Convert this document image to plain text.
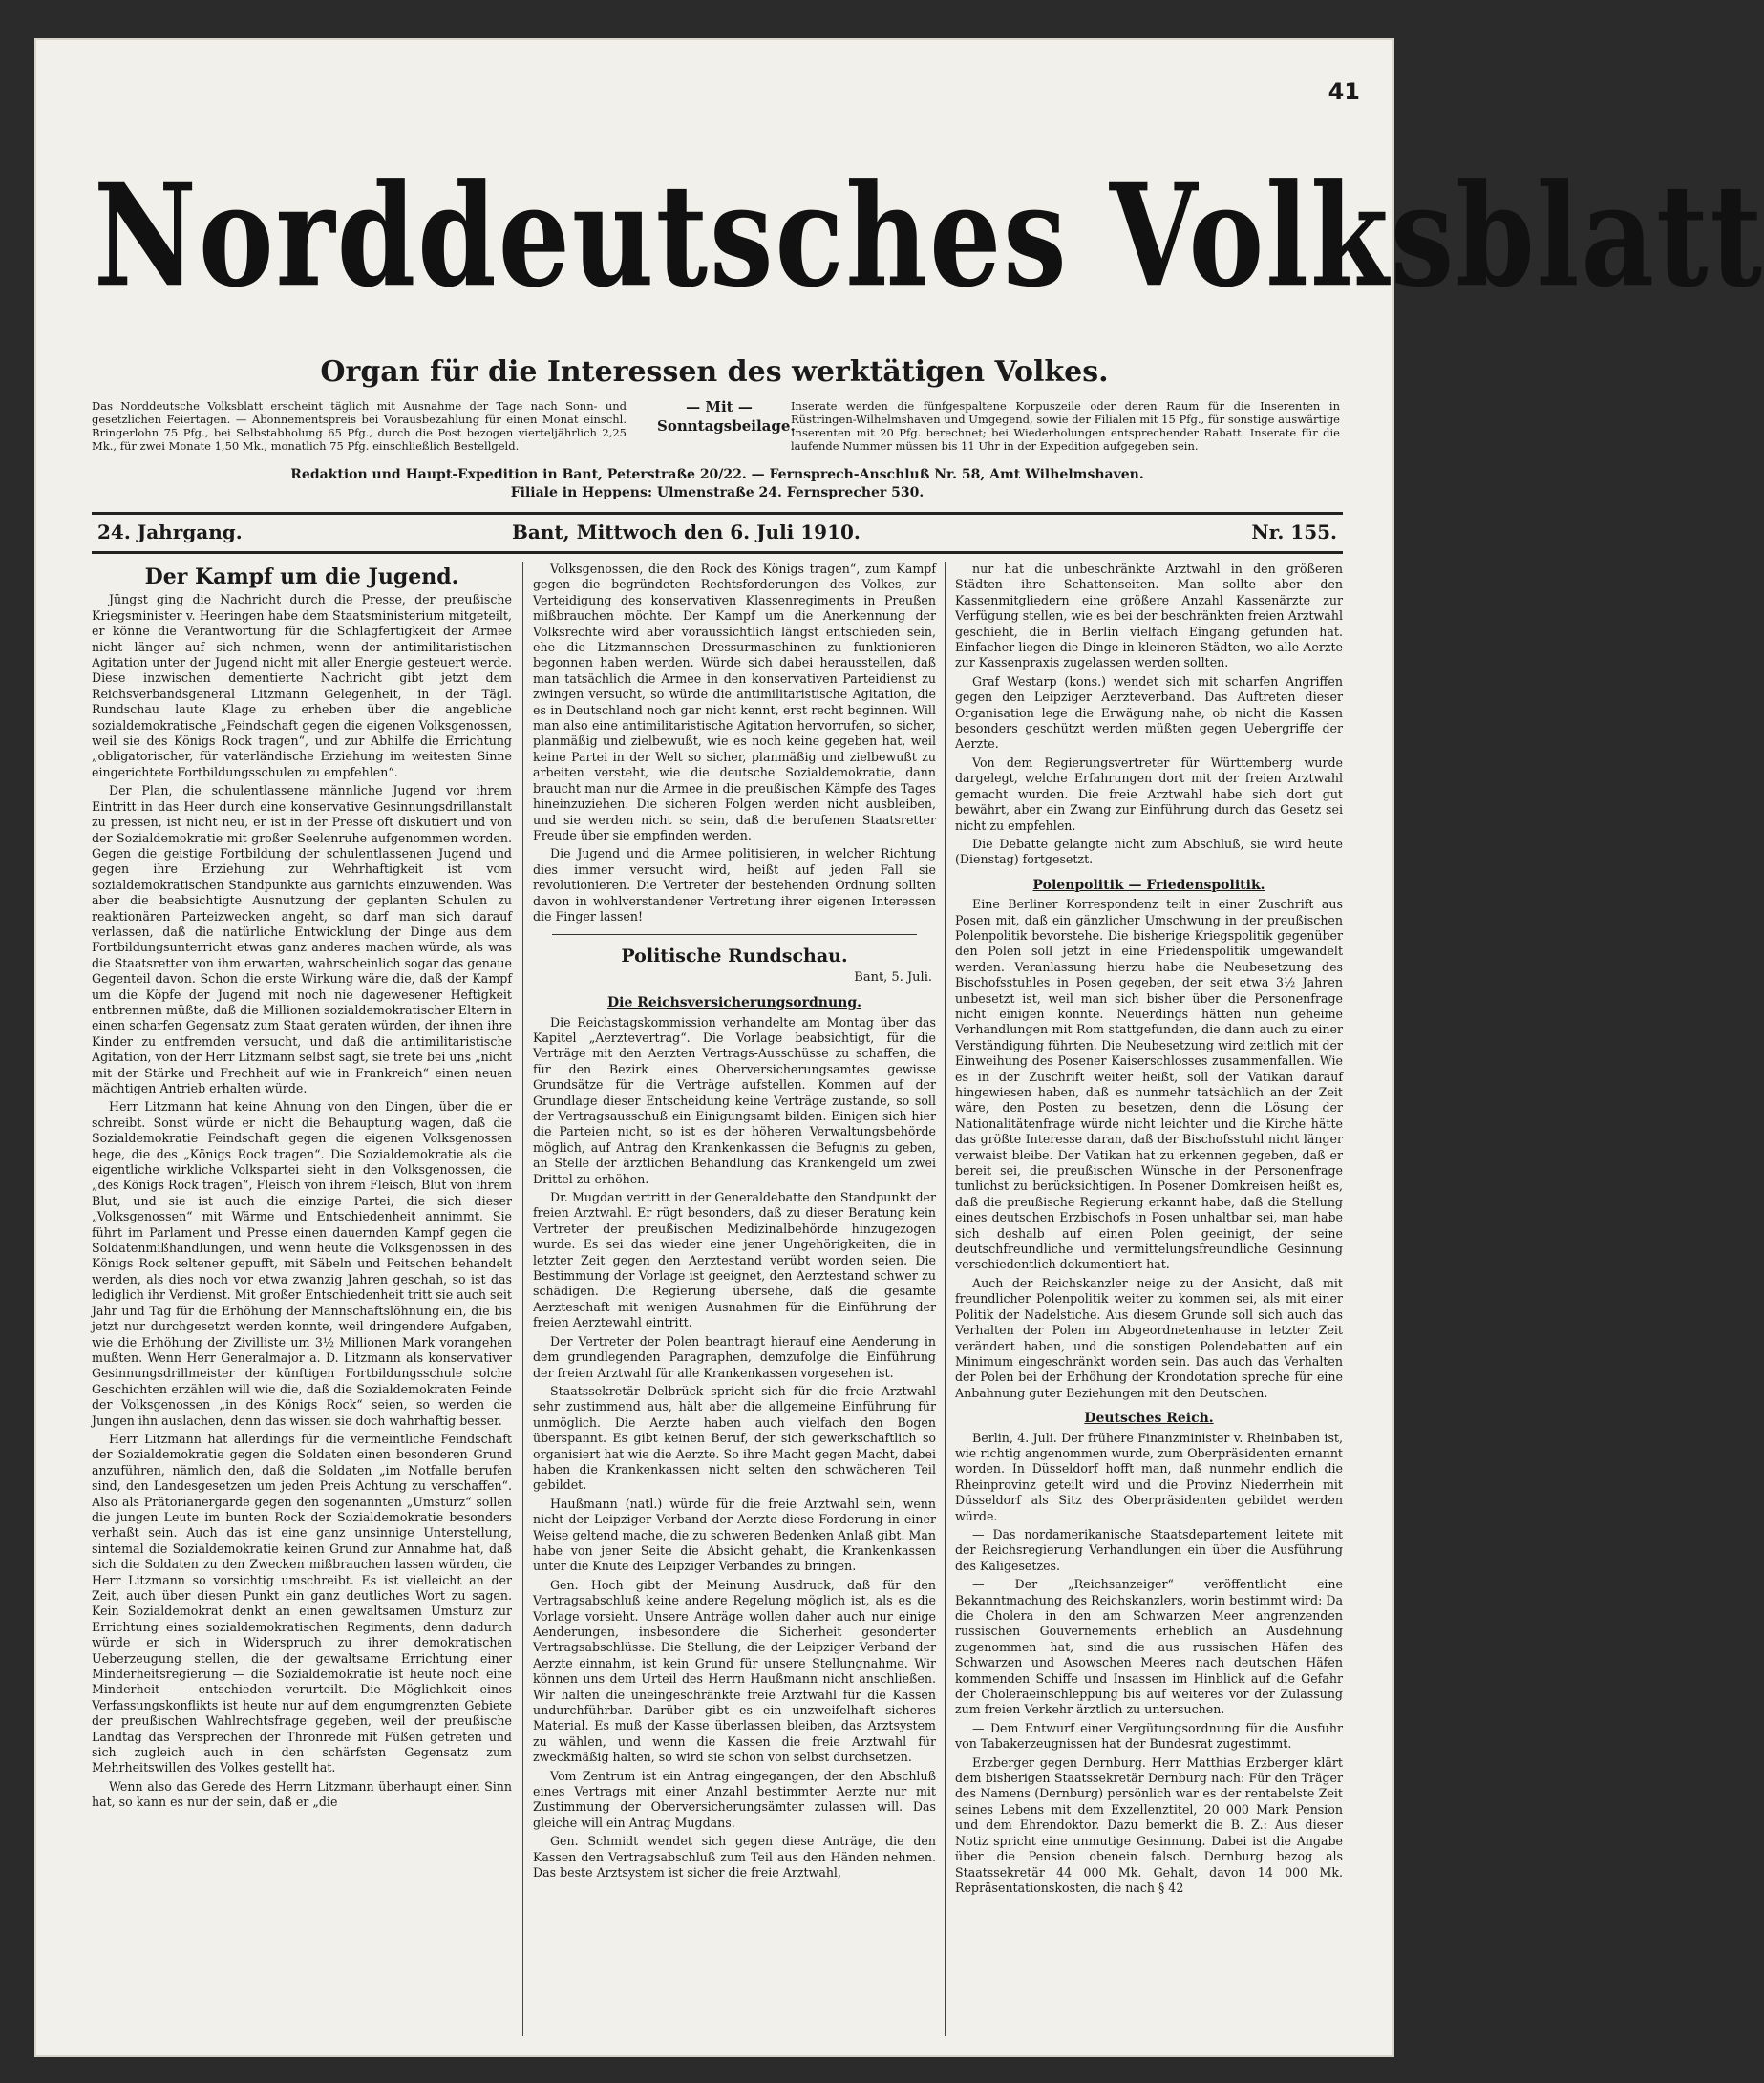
41
Norddeutsches Volksblatt
Organ für die Interessen des werktätigen Volkes.
Das Norddeutsche Volksblatt erscheint täglich mit Ausnahme der Tage nach Sonn- und gesetzlichen Feiertagen. — Abonnementspreis bei Vorausbezahlung für einen Monat einschl. Bringerlohn 75 Pfg., bei Selbstabholung 65 Pfg., durch die Post bezogen vierteljährlich 2,25 Mk., für zwei Monate 1,50 Mk., monatlich 75 Pfg. einschließlich Bestellgeld.
— Mit —
Sonntagsbeilage.
Inserate werden die fünfgespaltene Korpuszeile oder deren Raum für die Inserenten in Rüstringen-Wilhelmshaven und Umgegend, sowie der Filialen mit 15 Pfg., für sonstige auswärtige Inserenten mit 20 Pfg. berechnet; bei Wiederholungen entsprechender Rabatt. Inserate für die laufende Nummer müssen bis 11 Uhr in der Expedition aufgegeben sein.
Redaktion und Haupt-Expedition in Bant, Peterstraße 20/22. — Fernsprech-Anschluß Nr. 58, Amt Wilhelmshaven.
Filiale in Heppens: Ulmenstraße 24. Fernsprecher 530.
24. Jahrgang.	Bant, Mittwoch den 6. Juli 1910.	Nr. 155.
Der Kampf um die Jugend.

Jüngst ging die Nachricht durch die Presse, der preußische Kriegsminister v. Heeringen habe dem Staatsministerium mitgeteilt, er könne die Verantwortung für die Schlagfertigkeit der Armee nicht länger auf sich nehmen, wenn der antimilitaristischen Agitation unter der Jugend nicht mit aller Energie gesteuert werde. Diese inzwischen dementierte Nachricht gibt jetzt dem Reichsverbandsgeneral Litzmann Gelegenheit, in der Tägl. Rundschau laute Klage zu erheben über die angebliche sozialdemokratische „Feindschaft gegen die eigenen Volksgenossen, weil sie des Königs Rock tragen“, und zur Abhilfe die Errichtung „obligatorischer, für vaterländische Erziehung im weitesten Sinne eingerichtete Fortbildungsschulen zu empfehlen“.

Der Plan, die schulentlassene männliche Jugend vor ihrem Eintritt in das Heer durch eine konservative Gesinnungsdrillanstalt zu pressen, ist nicht neu, er ist in der Presse oft diskutiert und von der Sozialdemokratie mit großer Seelenruhe aufgenommen worden. Gegen die geistige Fortbildung der schulentlassenen Jugend und gegen ihre Erziehung zur Wehrhaftigkeit ist vom sozialdemokratischen Standpunkte aus garnichts einzuwenden. Was aber die beabsichtigte Ausnutzung der geplanten Schulen zu reaktionären Parteizwecken angeht, so darf man sich darauf verlassen, daß die natürliche Entwicklung der Dinge aus dem Fortbildungsunterricht etwas ganz anderes machen würde, als was die Staatsretter von ihm erwarten, wahrscheinlich sogar das genaue Gegenteil davon. Schon die erste Wirkung wäre die, daß der Kampf um die Köpfe der Jugend mit noch nie dagewesener Heftigkeit entbrennen müßte, daß die Millionen sozialdemokratischer Eltern in einen scharfen Gegensatz zum Staat geraten würden, der ihnen ihre Kinder zu entfremden versucht, und daß die antimilitaristische Agitation, von der Herr Litzmann selbst sagt, sie trete bei uns „nicht mit der Stärke und Frechheit auf wie in Frankreich“ einen neuen mächtigen Antrieb erhalten würde.

Herr Litzmann hat keine Ahnung von den Dingen, über die er schreibt. Sonst würde er nicht die Behauptung wagen, daß die Sozialdemokratie Feindschaft gegen die eigenen Volksgenossen hege, die des „Königs Rock tragen“. Die Sozialdemokratie als die eigentliche wirkliche Volkspartei sieht in den Volksgenossen, die „des Königs Rock tragen“, Fleisch von ihrem Fleisch, Blut von ihrem Blut, und sie ist auch die einzige Partei, die sich dieser „Volksgenossen“ mit Wärme und Entschiedenheit annimmt. Sie führt im Parlament und Presse einen dauernden Kampf gegen die Soldatenmißhandlungen, und wenn heute die Volksgenossen in des Königs Rock seltener gepufft, mit Säbeln und Peitschen behandelt werden, als dies noch vor etwa zwanzig Jahren geschah, so ist das lediglich ihr Verdienst. Mit großer Entschiedenheit tritt sie auch seit Jahr und Tag für die Erhöhung der Mannschaftslöhnung ein, die bis jetzt nur durchgesetzt werden konnte, weil dringendere Aufgaben, wie die Erhöhung der Zivilliste um 3½ Millionen Mark vorangehen mußten. Wenn Herr Generalmajor a. D. Litzmann als konservativer Gesinnungsdrillmeister der künftigen Fortbildungsschule solche Geschichten erzählen will wie die, daß die Sozialdemokraten Feinde der Volksgenossen „in des Königs Rock“ seien, so werden die Jungen ihn auslachen, denn das wissen sie doch wahrhaftig besser.

Herr Litzmann hat allerdings für die vermeintliche Feindschaft der Sozialdemokratie gegen die Soldaten einen besonderen Grund anzuführen, nämlich den, daß die Soldaten „im Notfalle berufen sind, den Landesgesetzen um jeden Preis Achtung zu verschaffen“. Also als Prätorianergarde gegen den sogenannten „Umsturz“ sollen die jungen Leute im bunten Rock der Sozialdemokratie besonders verhaßt sein. Auch das ist eine ganz unsinnige Unterstellung, sintemal die Sozialdemokratie keinen Grund zur Annahme hat, daß sich die Soldaten zu den Zwecken mißbrauchen lassen würden, die Herr Litzmann so vorsichtig umschreibt. Es ist vielleicht an der Zeit, auch über diesen Punkt ein ganz deutliches Wort zu sagen. Kein Sozialdemokrat denkt an einen gewaltsamen Umsturz zur Errichtung eines sozialdemokratischen Regiments, denn dadurch würde er sich in Widerspruch zu ihrer demokratischen Ueberzeugung stellen, die der gewaltsame Errichtung einer Minderheitsregierung — die Sozialdemokratie ist heute noch eine Minderheit — entschieden verurteilt. Die Möglichkeit eines Verfassungskonflikts ist heute nur auf dem engumgrenzten Gebiete der preußischen Wahlrechtsfrage gegeben, weil der preußische Landtag das Versprechen der Thronrede mit Füßen getreten und sich zugleich auch in den schärfsten Gegensatz zum Mehrheitswillen des Volkes gestellt hat.

Wenn also das Gerede des Herrn Litzmann überhaupt einen Sinn hat, so kann es nur der sein, daß er „die

Volksgenossen, die den Rock des Königs tragen“, zum Kampf gegen die begründeten Rechtsforderungen des Volkes, zur Verteidigung des konservativen Klassenregiments in Preußen mißbrauchen möchte. Der Kampf um die Anerkennung der Volksrechte wird aber voraussichtlich längst entschieden sein, ehe die Litzmannschen Dressurmaschinen zu funktionieren begonnen haben werden. Würde sich dabei herausstellen, daß man tatsächlich die Armee in den konservativen Parteidienst zu zwingen versucht, so würde die antimilitaristische Agitation, die es in Deutschland noch gar nicht kennt, erst recht beginnen. Will man also eine antimilitaristische Agitation hervorrufen, so sicher, planmäßig und zielbewußt, wie es noch keine gegeben hat, weil keine Partei in der Welt so sicher, planmäßig und zielbewußt zu arbeiten versteht, wie die deutsche Sozialdemokratie, dann braucht man nur die Armee in die preußischen Kämpfe des Tages hineinzuziehen. Die sicheren Folgen werden nicht ausbleiben, und sie werden nicht so sein, daß die berufenen Staatsretter Freude über sie empfinden werden.

Die Jugend und die Armee politisieren, in welcher Richtung dies immer versucht wird, heißt auf jeden Fall sie revolutionieren. Die Vertreter der bestehenden Ordnung sollten davon in wohlverstandener Vertretung ihrer eigenen Interessen die Finger lassen!

Politische Rundschau.
Bant, 5. Juli.
Die Reichsversicherungsordnung.

Die Reichstagskommission verhandelte am Montag über das Kapitel „Aerztevertrag“. Die Vorlage beabsichtigt, für die Verträge mit den Aerzten Vertrags-Ausschüsse zu schaffen, die für den Bezirk eines Oberversicherungsamtes gewisse Grundsätze für die Verträge aufstellen. Kommen auf der Grundlage dieser Entscheidung keine Verträge zustande, so soll der Vertragsausschuß ein Einigungsamt bilden. Einigen sich hier die Parteien nicht, so ist es der höheren Verwaltungsbehörde möglich, auf Antrag den Krankenkassen die Befugnis zu geben, an Stelle der ärztlichen Behandlung das Krankengeld um zwei Drittel zu erhöhen.

Dr. Mugdan vertritt in der Generaldebatte den Standpunkt der freien Arztwahl. Er rügt besonders, daß zu dieser Beratung kein Vertreter der preußischen Medizinalbehörde hinzugezogen wurde. Es sei das wieder eine jener Ungehörigkeiten, die in letzter Zeit gegen den Aerztestand verübt worden seien. Die Bestimmung der Vorlage ist geeignet, den Aerztestand schwer zu schädigen. Die Regierung übersehe, daß die gesamte Aerzteschaft mit wenigen Ausnahmen für die Einführung der freien Aerztewahl eintritt.

Der Vertreter der Polen beantragt hierauf eine Aenderung in dem grundlegenden Paragraphen, demzufolge die Einführung der freien Arztwahl für alle Krankenkassen vorgesehen ist.

Staatssekretär Delbrück spricht sich für die freie Arztwahl sehr zustimmend aus, hält aber die allgemeine Einführung für unmöglich. Die Aerzte haben auch vielfach den Bogen überspannt. Es gibt keinen Beruf, der sich gewerkschaftlich so organisiert hat wie die Aerzte. So ihre Macht gegen Macht, dabei haben die Krankenkassen nicht selten den schwächeren Teil gebildet.

Haußmann (natl.) würde für die freie Arztwahl sein, wenn nicht der Leipziger Verband der Aerzte diese Forderung in einer Weise geltend mache, die zu schweren Bedenken Anlaß gibt. Man habe von jener Seite die Absicht gehabt, die Krankenkassen unter die Knute des Leipziger Verbandes zu bringen.

Gen. Hoch gibt der Meinung Ausdruck, daß für den Vertragsabschluß keine andere Regelung möglich ist, als es die Vorlage vorsieht. Unsere Anträge wollen daher auch nur einige Aenderungen, insbesondere die Sicherheit gesonderter Vertragsabschlüsse. Die Stellung, die der Leipziger Verband der Aerzte einnahm, ist kein Grund für unsere Stellungnahme. Wir können uns dem Urteil des Herrn Haußmann nicht anschließen. Wir halten die uneingeschränkte freie Arztwahl für die Kassen undurchführbar. Darüber gibt es ein unzweifelhaft sicheres Material. Es muß der Kasse überlassen bleiben, das Arztsystem zu wählen, und wenn die Kassen die freie Arztwahl für zweckmäßig halten, so wird sie schon von selbst durchsetzen.

Vom Zentrum ist ein Antrag eingegangen, der den Abschluß eines Vertrags mit einer Anzahl bestimmter Aerzte nur mit Zustimmung der Oberversicherungsämter zulassen will. Das gleiche will ein Antrag Mugdans.

Gen. Schmidt wendet sich gegen diese Anträge, die den Kassen den Vertragsabschluß zum Teil aus den Händen nehmen. Das beste Arztsystem ist sicher die freie Arztwahl,

nur hat die unbeschränkte Arztwahl in den größeren Städten ihre Schattenseiten. Man sollte aber den Kassenmitgliedern eine größere Anzahl Kassenärzte zur Verfügung stellen, wie es bei der beschränkten freien Arztwahl geschieht, die in Berlin vielfach Eingang gefunden hat. Einfacher liegen die Dinge in kleineren Städten, wo alle Aerzte zur Kassenpraxis zugelassen werden sollten.

Graf Westarp (kons.) wendet sich mit scharfen Angriffen gegen den Leipziger Aerzteverband. Das Auftreten dieser Organisation lege die Erwägung nahe, ob nicht die Kassen besonders geschützt werden müßten gegen Uebergriffe der Aerzte.

Von dem Regierungsvertreter für Württemberg wurde dargelegt, welche Erfahrungen dort mit der freien Arztwahl gemacht wurden. Die freie Arztwahl habe sich dort gut bewährt, aber ein Zwang zur Einführung durch das Gesetz sei nicht zu empfehlen.

Die Debatte gelangte nicht zum Abschluß, sie wird heute (Dienstag) fortgesetzt.

Polenpolitik — Friedenspolitik.

Eine Berliner Korrespondenz teilt in einer Zuschrift aus Posen mit, daß ein gänzlicher Umschwung in der preußischen Polenpolitik bevorstehe. Die bisherige Kriegspolitik gegenüber den Polen soll jetzt in eine Friedenspolitik umgewandelt werden. Veranlassung hierzu habe die Neubesetzung des Bischofsstuhles in Posen gegeben, der seit etwa 3½ Jahren unbesetzt ist, weil man sich bisher über die Personenfrage nicht einigen konnte. Neuerdings hätten nun geheime Verhandlungen mit Rom stattgefunden, die dann auch zu einer Verständigung führten. Die Neubesetzung wird zeitlich mit der Einweihung des Posener Kaiserschlosses zusammenfallen. Wie es in der Zuschrift weiter heißt, soll der Vatikan darauf hingewiesen haben, daß es nunmehr tatsächlich an der Zeit wäre, den Posten zu besetzen, denn die Lösung der Nationalitätenfrage würde nicht leichter und die Kirche hätte das größte Interesse daran, daß der Bischofsstuhl nicht länger verwaist bleibe. Der Vatikan hat zu erkennen gegeben, daß er bereit sei, die preußischen Wünsche in der Personenfrage tunlichst zu berücksichtigen. In Posener Domkreisen heißt es, daß die preußische Regierung erkannt habe, daß die Stellung eines deutschen Erzbischofs in Posen unhaltbar sei, man habe sich deshalb auf einen Polen geeinigt, der seine deutschfreundliche und vermittelungsfreundliche Gesinnung verschiedentlich dokumentiert hat.

Auch der Reichskanzler neige zu der Ansicht, daß mit freundlicher Polenpolitik weiter zu kommen sei, als mit einer Politik der Nadelstiche. Aus diesem Grunde soll sich auch das Verhalten der Polen im Abgeordnetenhause in letzter Zeit verändert haben, und die sonstigen Polendebatten auf ein Minimum eingeschränkt worden sein. Das auch das Verhalten der Polen bei der Erhöhung der Krondotation spreche für eine Anbahnung guter Beziehungen mit den Deutschen.

Deutsches Reich.

Berlin, 4. Juli. Der frühere Finanzminister v. Rheinbaben ist, wie richtig angenommen wurde, zum Oberpräsidenten ernannt worden. In Düsseldorf hofft man, daß nunmehr endlich die Rheinprovinz geteilt wird und die Provinz Niederrhein mit Düsseldorf als Sitz des Oberpräsidenten gebildet werden würde.

— Das nordamerikanische Staatsdepartement leitete mit der Reichsregierung Verhandlungen ein über die Ausführung des Kaligesetzes.

— Der „Reichsanzeiger“ veröffentlicht eine Bekanntmachung des Reichskanzlers, worin bestimmt wird: Da die Cholera in den am Schwarzen Meer angrenzenden russischen Gouvernements erheblich an Ausdehnung zugenommen hat, sind die aus russischen Häfen des Schwarzen und Asowschen Meeres nach deutschen Häfen kommenden Schiffe und Insassen im Hinblick auf die Gefahr der Choleraeinschleppung bis auf weiteres vor der Zulassung zum freien Verkehr ärztlich zu untersuchen.

— Dem Entwurf einer Vergütungsordnung für die Ausfuhr von Tabakerzeugnissen hat der Bundesrat zugestimmt.

Erzberger gegen Dernburg. Herr Matthias Erzberger klärt dem bisherigen Staatssekretär Dernburg nach: Für den Träger des Namens (Dernburg) persönlich war es der rentabelste Zeit seines Lebens mit dem Exzellenztitel, 20 000 Mark Pension und dem Ehrendoktor. Dazu bemerkt die B. Z.: Aus dieser Notiz spricht eine unmutige Gesinnung. Dabei ist die Angabe über die Pension obenein falsch. Dernburg bezog als Staatssekretär 44 000 Mk. Gehalt, davon 14 000 Mk. Repräsentationskosten, die nach § 42
